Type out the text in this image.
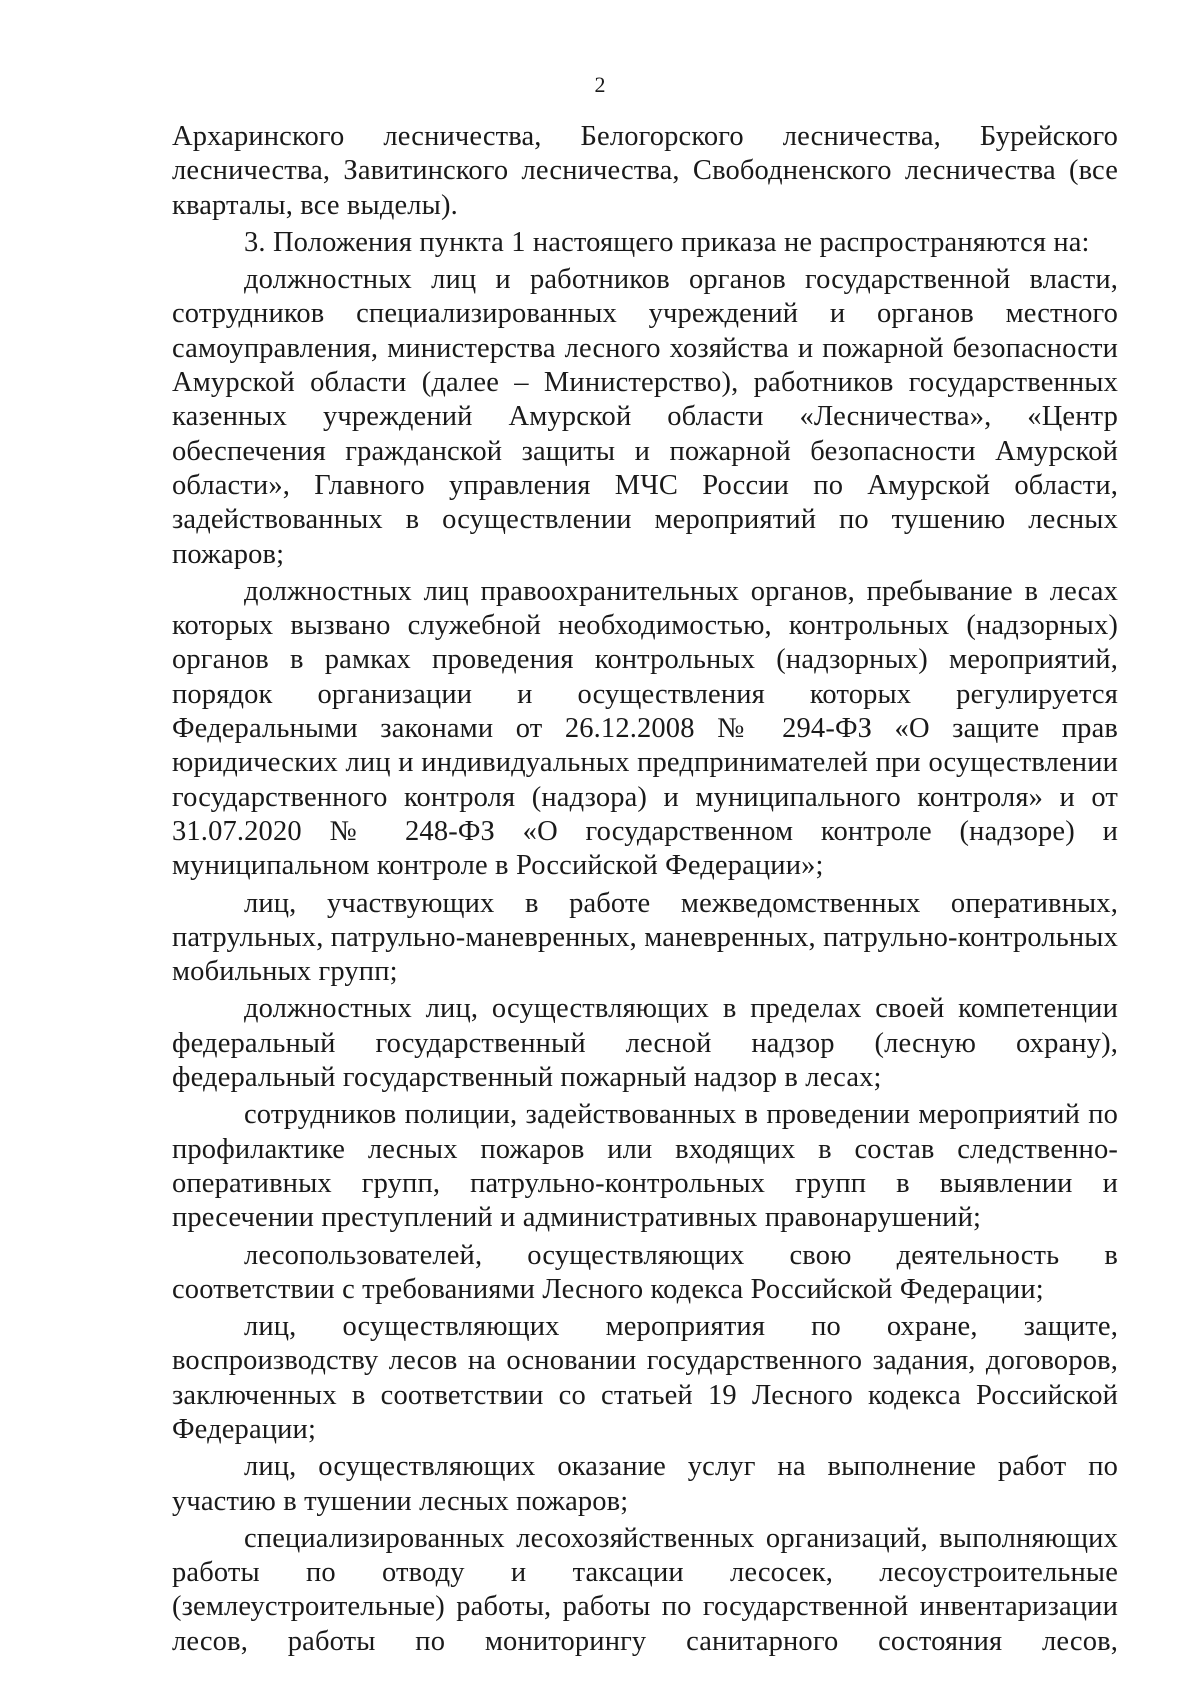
2

Архаринского лесничества, Белогорского лесничества, Бурейского лесничества, Завитинского лесничества, Свободненского лесничества (все кварталы, все выделы).

3. Положения пункта 1 настоящего приказа не распространяются на:

должностных лиц и работников органов государственной власти, сотрудников специализированных учреждений и органов местного самоуправления, министерства лесного хозяйства и пожарной безопасности Амурской области (далее – Министерство), работников государственных казенных учреждений Амурской области «Лесничества», «Центр обеспечения гражданской защиты и пожарной безопасности Амурской области», Главного управления МЧС России по Амурской области, задействованных в осуществлении мероприятий по тушению лесных пожаров;

должностных лиц правоохранительных органов, пребывание в лесах которых вызвано служебной необходимостью, контрольных (надзорных) органов в рамках проведения контрольных (надзорных) мероприятий, порядок организации и осуществления которых регулируется Федеральными законами от 26.12.2008 № 294-ФЗ «О защите прав юридических лиц и индивидуальных предпринимателей при осуществлении государственного контроля (надзора) и муниципального контроля» и от 31.07.2020 № 248-ФЗ «О государственном контроле (надзоре) и муниципальном контроле в Российской Федерации»;

лиц, участвующих в работе межведомственных оперативных, патрульных, патрульно-маневренных, маневренных, патрульно-контрольных мобильных групп;

должностных лиц, осуществляющих в пределах своей компетенции федеральный государственный лесной надзор (лесную охрану), федеральный государственный пожарный надзор в лесах;

сотрудников полиции, задействованных в проведении мероприятий по профилактике лесных пожаров или входящих в состав следственно-оперативных групп, патрульно-контрольных групп в выявлении и пресечении преступлений и административных правонарушений;

лесопользователей, осуществляющих свою деятельность в соответствии с требованиями Лесного кодекса Российской Федерации;

лиц, осуществляющих мероприятия по охране, защите, воспроизводству лесов на основании государственного задания, договоров, заключенных в соответствии со статьей 19 Лесного кодекса Российской Федерации;

лиц, осуществляющих оказание услуг на выполнение работ по участию в тушении лесных пожаров;

специализированных лесохозяйственных организаций, выполняющих работы по отводу и таксации лесосек, лесоустроительные (землеустроительные) работы, работы по государственной инвентаризации лесов, работы по мониторингу санитарного состояния лесов,
